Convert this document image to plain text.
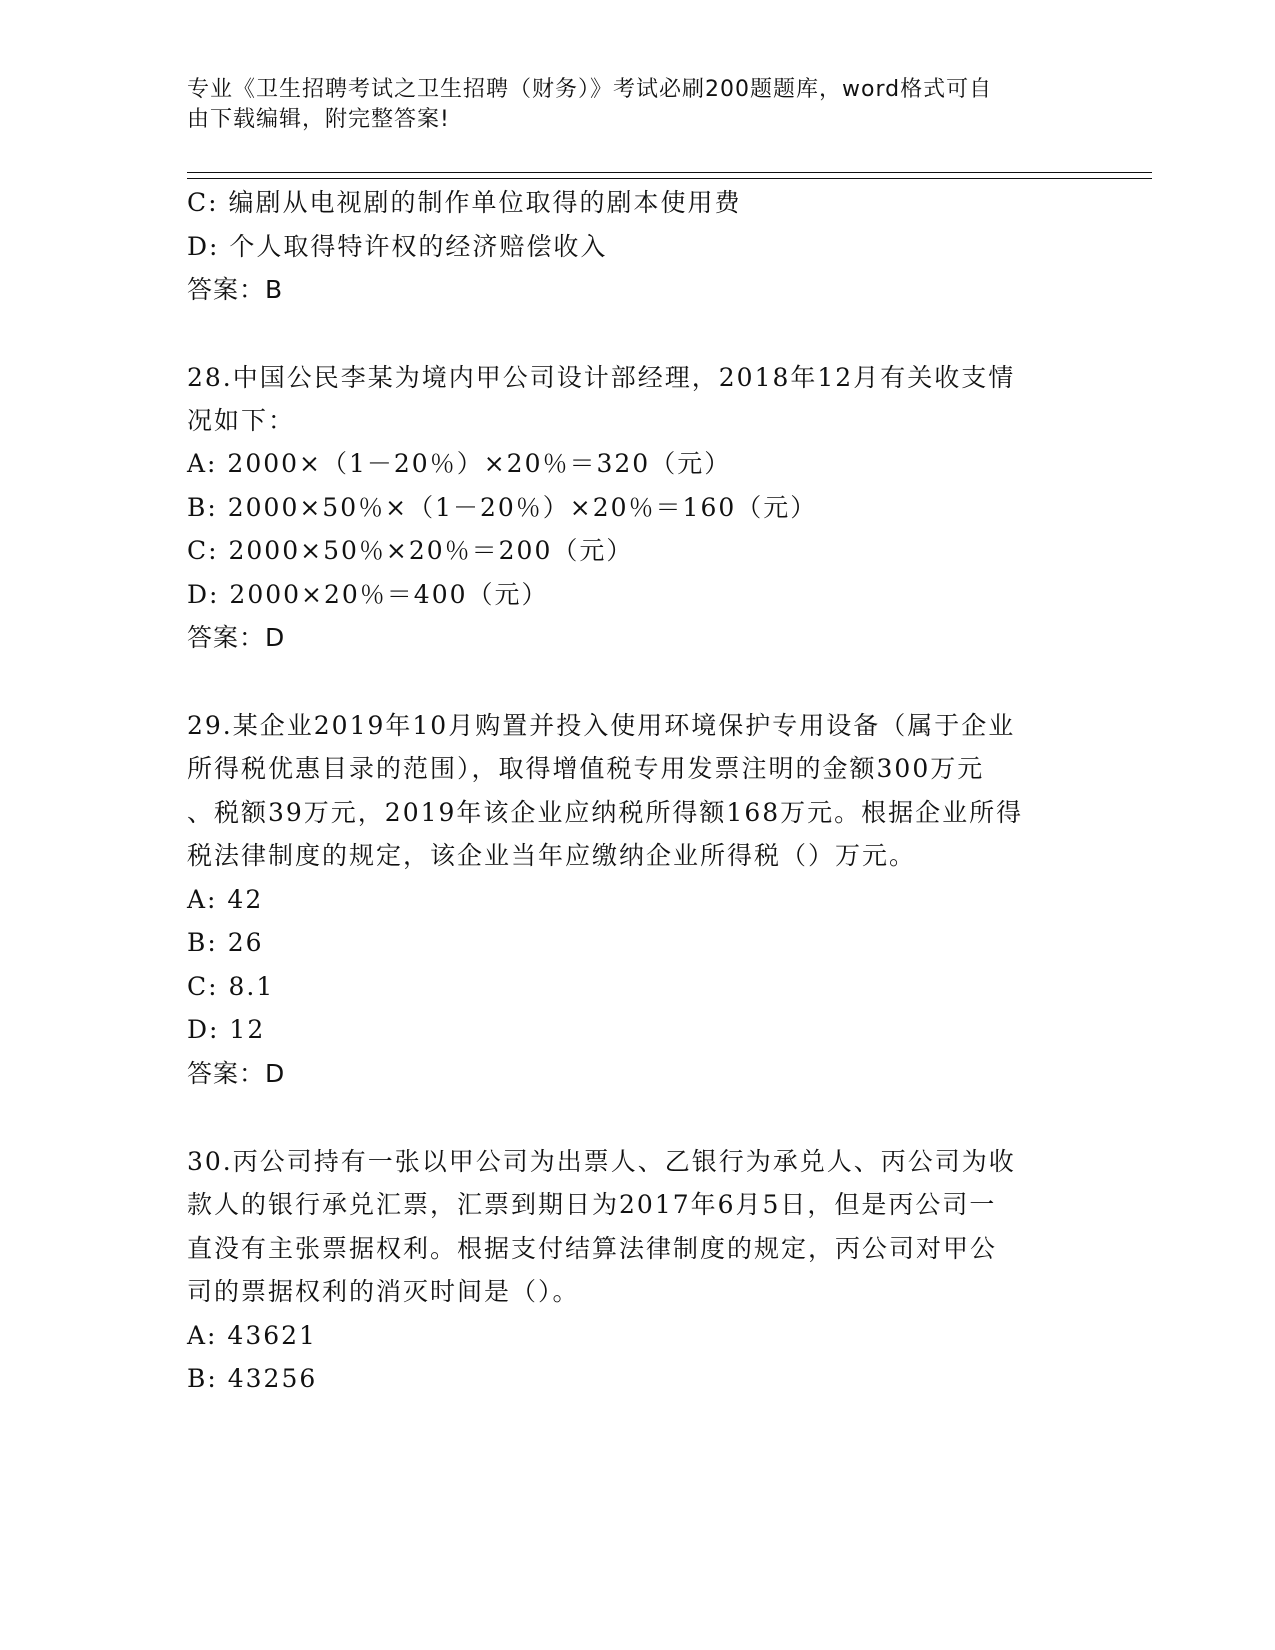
专业《卫生招聘考试之卫生招聘（财务）》考试必刷200题题库，word格式可自
由下载编辑，附完整答案!
C: 编剧从电视剧的制作单位取得的剧本使用费
D: 个人取得特许权的经济赔偿收入
答案：B
28.中国公民李某为境内甲公司设计部经理，2018年12月有关收支情
况如下：
A: 2000×（1－20％）×20％＝320（元）
B: 2000×50％×（1－20％）×20％＝160（元）
C: 2000×50％×20％＝200（元）
D: 2000×20％＝400（元）
答案：D
29.某企业2019年10月购置并投入使用环境保护专用设备（属于企业
所得税优惠目录的范围），取得增值税专用发票注明的金额300万元
、税额39万元，2019年该企业应纳税所得额168万元。根据企业所得
税法律制度的规定，该企业当年应缴纳企业所得税（）万元。
A: 42
B: 26
C: 8.1
D: 12
答案：D
30.丙公司持有一张以甲公司为出票人、乙银行为承兑人、丙公司为收
款人的银行承兑汇票，汇票到期日为2017年6月5日，但是丙公司一
直没有主张票据权利。根据支付结算法律制度的规定，丙公司对甲公
司的票据权利的消灭时间是（）。
A: 43621
B: 43256
